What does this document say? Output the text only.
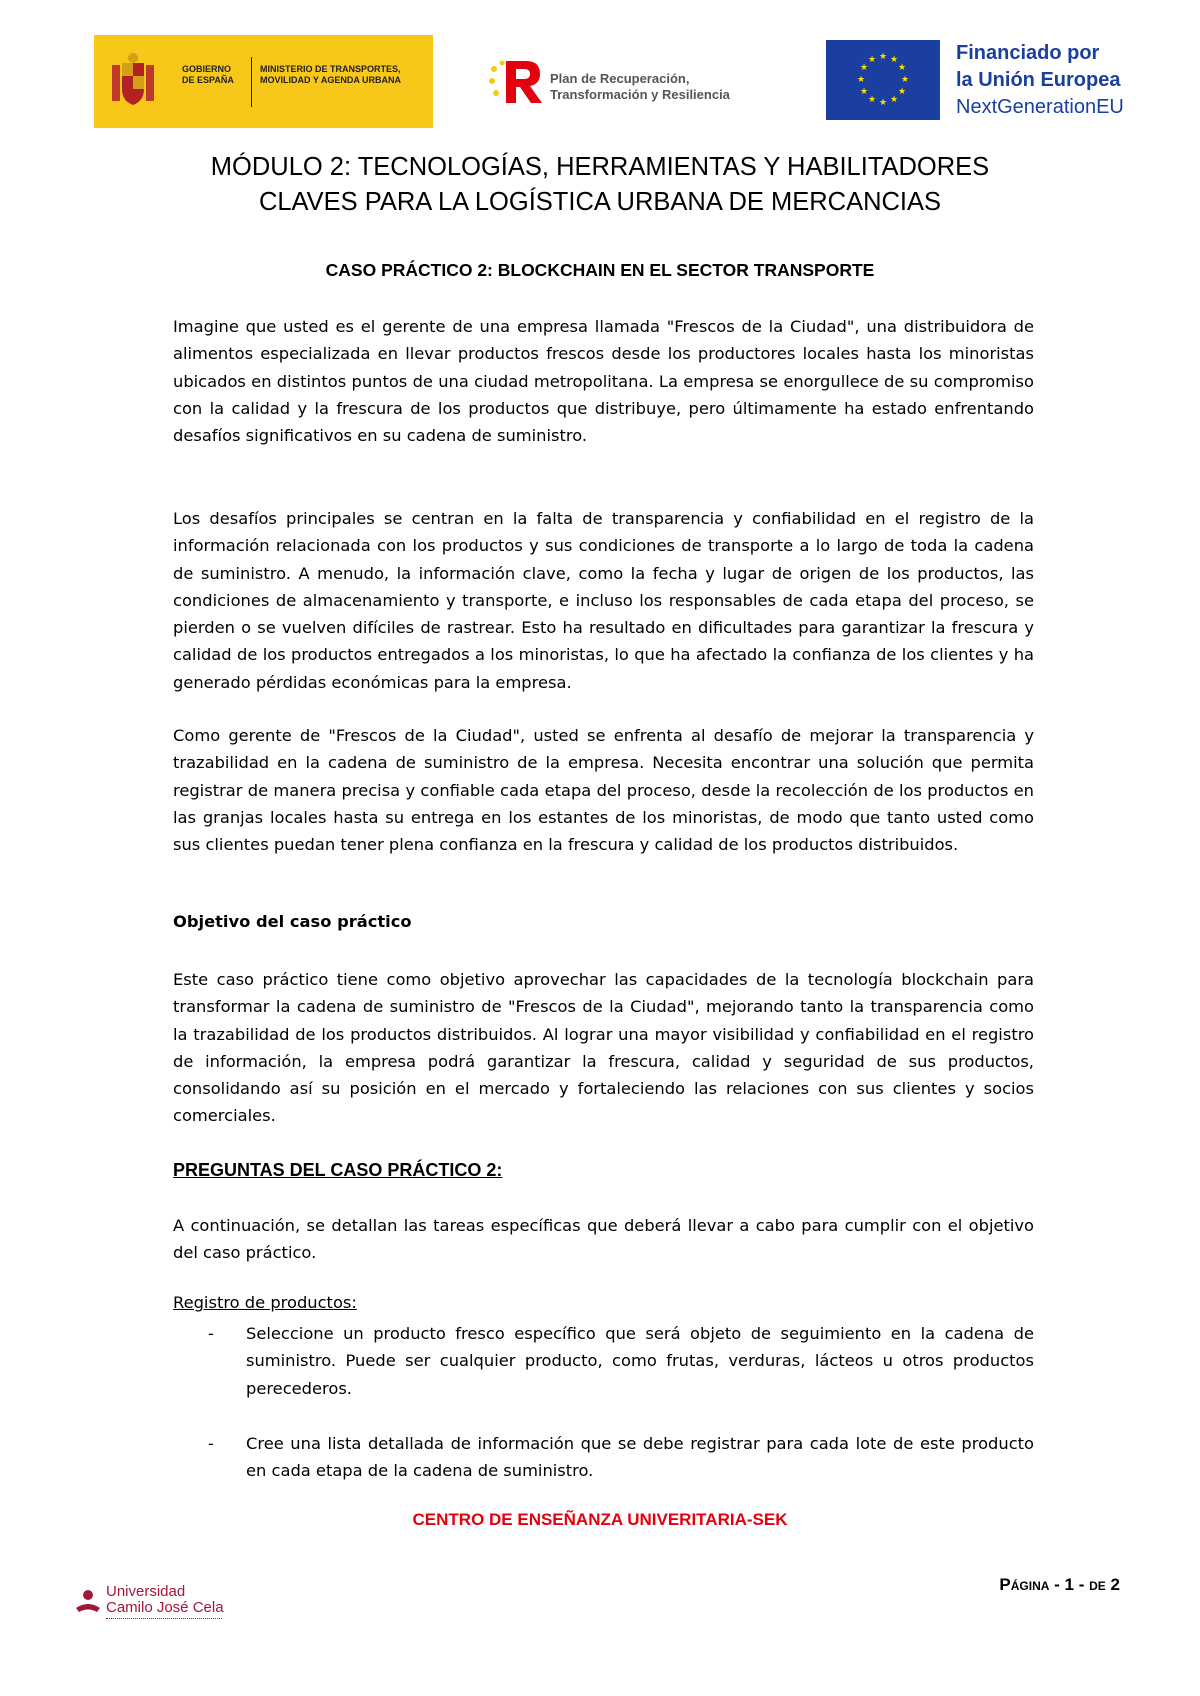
GOBIERNO
DE ESPAÑA
MINISTERIO DE TRANSPORTES, MOVILIDAD Y AGENDA URBANA	Plan de Recuperación,
Transformación y Resiliencia
★ ★
★
★
★
★
★
★
★
★
★
★	Financiado por
la Unión Europea
NextGenerationEU
MÓDULO 2: TECNOLOGÍAS, HERRAMIENTAS Y HABILITADORES
CLAVES PARA LA LOGÍSTICA URBANA DE MERCANCIAS
CASO PRÁCTICO 2: BLOCKCHAIN EN EL SECTOR TRANSPORTE
Imagine que usted es el gerente de una empresa llamada "Frescos de la Ciudad", una distribuidora de alimentos especializada en llevar productos frescos desde los productores locales hasta los minoristas ubicados en distintos puntos de una ciudad metropolitana. La empresa se enorgullece de su compromiso con la calidad y la frescura de los productos que distribuye, pero últimamente ha estado enfrentando desafíos significativos en su cadena de suministro.
Los desafíos principales se centran en la falta de transparencia y confiabilidad en el registro de la información relacionada con los productos y sus condiciones de transporte a lo largo de toda la cadena de suministro. A menudo, la información clave, como la fecha y lugar de origen de los productos, las condiciones de almacenamiento y transporte, e incluso los responsables de cada etapa del proceso, se pierden o se vuelven difíciles de rastrear. Esto ha resultado en dificultades para garantizar la frescura y calidad de los productos entregados a los minoristas, lo que ha afectado la confianza de los clientes y ha generado pérdidas económicas para la empresa.
Como gerente de "Frescos de la Ciudad", usted se enfrenta al desafío de mejorar la transparencia y trazabilidad en la cadena de suministro de la empresa. Necesita encontrar una solución que permita registrar de manera precisa y confiable cada etapa del proceso, desde la recolección de los productos en las granjas locales hasta su entrega en los estantes de los minoristas, de modo que tanto usted como sus clientes puedan tener plena confianza en la frescura y calidad de los productos distribuidos.
Objetivo del caso práctico
Este caso práctico tiene como objetivo aprovechar las capacidades de la tecnología blockchain para transformar la cadena de suministro de "Frescos de la Ciudad", mejorando tanto la transparencia como la trazabilidad de los productos distribuidos. Al lograr una mayor visibilidad y confiabilidad en el registro de información, la empresa podrá garantizar la frescura, calidad y seguridad de sus productos, consolidando así su posición en el mercado y fortaleciendo las relaciones con sus clientes y socios comerciales.
PREGUNTAS DEL CASO PRÁCTICO 2:
A continuación, se detallan las tareas específicas que deberá llevar a cabo para cumplir con el objetivo del caso práctico.
Registro de productos:
- Seleccione un producto fresco específico que será objeto de seguimiento en la cadena de suministro. Puede ser cualquier producto, como frutas, verduras, lácteos u otros productos perecederos.
- Cree una lista detallada de información que se debe registrar para cada lote de este producto en cada etapa de la cadena de suministro.
CENTRO DE ENSEÑANZA UNIVERITARIA-SEK
Universidad
Camilo José Cela
PÁGINA - 1 - DE 2
